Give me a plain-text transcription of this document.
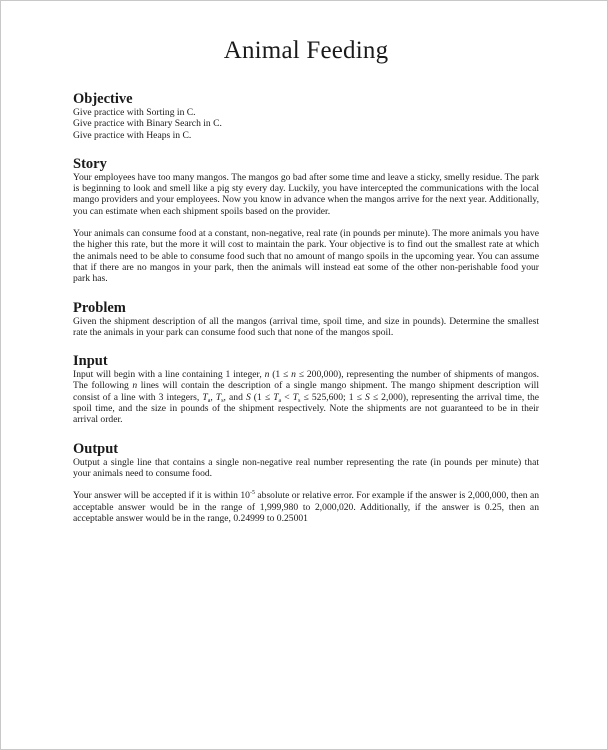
Animal Feeding
Objective

Give practice with Sorting in C.

Give practice with Binary Search in C.

Give practice with Heaps in C.

Story

Your employees have too many mangos. The mangos go bad after some time and leave a sticky, smelly residue. The park is beginning to look and smell like a pig sty every day. Luckily, you have intercepted the communications with the local mango providers and your employees. Now you know in advance when the mangos arrive for the next year. Additionally, you can estimate when each shipment spoils based on the provider.

Your animals can consume food at a constant, non-negative, real rate (in pounds per minute). The more animals you have the higher this rate, but the more it will cost to maintain the park. Your objective is to find out the smallest rate at which the animals need to be able to consume food such that no amount of mango spoils in the upcoming year. You can assume that if there are no mangos in your park, then the animals will instead eat some of the other non-perishable food your park has.

Problem

Given the shipment description of all the mangos (arrival time, spoil time, and size in pounds). Determine the smallest rate the animals in your park can consume food such that none of the mangos spoil.

Input

Input will begin with a line containing 1 integer, n (1 ≤ n ≤ 200,000), representing the number of shipments of mangos. The following n lines will contain the description of a single mango shipment. The mango shipment description will consist of a line with 3 integers, $T_a$, $T_s$, and S ($1 \le T_a < T_s \le 525,600$; 1 ≤ S ≤ 2,000), representing the arrival time, the spoil time, and the size in pounds of the shipment respectively. Note the shipments are not guaranteed to be in their arrival order.

Output

Output a single line that contains a single non-negative real number representing the rate (in pounds per minute) that your animals need to consume food.

Your answer will be accepted if it is within $10^{-5}$ absolute or relative error. For example if the answer is 2,000,000, then an acceptable answer would be in the range of 1,999,980 to 2,000,020. Additionally, if the answer is 0.25, then an acceptable answer would be in the range, 0.24999 to 0.25001
